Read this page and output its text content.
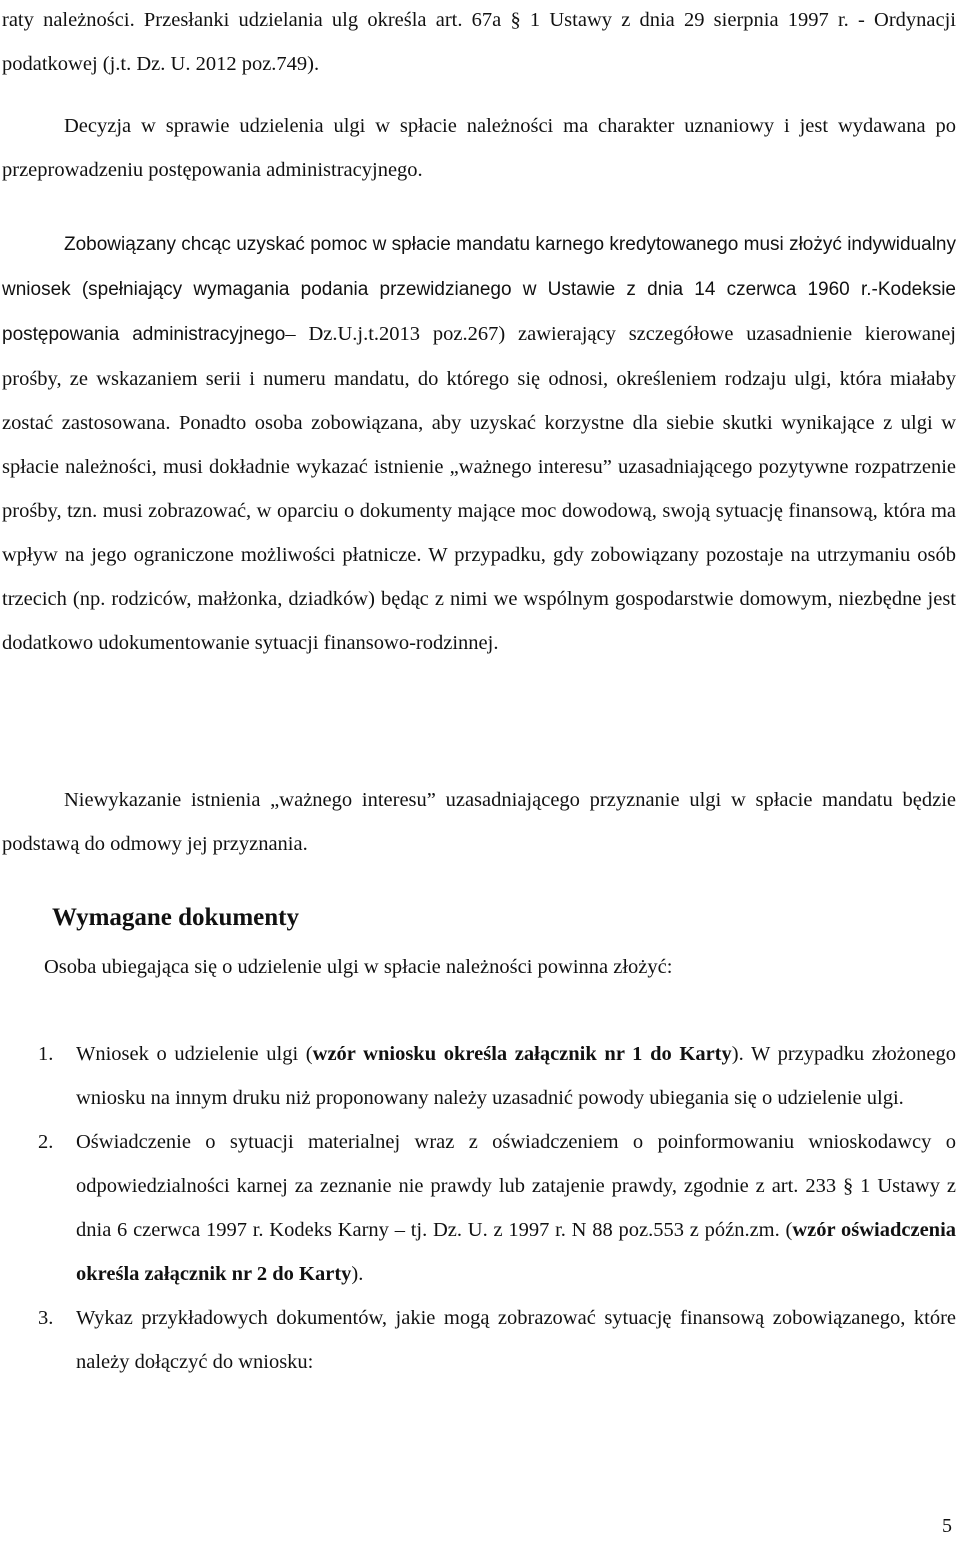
raty należności. Przesłanki udzielania ulg określa art. 67a § 1 Ustawy z dnia 29 sierpnia 1997 r. - Ordynacji podatkowej (j.t. Dz. U. 2012 poz.749).

Decyzja w sprawie udzielenia ulgi w spłacie należności ma charakter uznaniowy i jest wydawana po przeprowadzeniu postępowania administracyjnego.

Zobowiązany chcąc uzyskać pomoc w spłacie mandatu karnego kredytowanego musi złożyć indywidualny wniosek (spełniający wymagania podania przewidzianego w Ustawie z dnia 14 czerwca 1960 r.-Kodeksie postępowania administracyjnego– Dz.U.j.t.2013 poz.267) zawierający szczegółowe uzasadnienie kierowanej prośby, ze wskazaniem serii i numeru mandatu, do którego się odnosi, określeniem rodzaju ulgi, która miałaby zostać zastosowana. Ponadto osoba zobowiązana, aby uzyskać korzystne dla siebie skutki wynikające z ulgi w spłacie należności, musi dokładnie wykazać istnienie „ważnego interesu” uzasadniającego pozytywne rozpatrzenie prośby, tzn. musi zobrazować, w oparciu o dokumenty mające moc dowodową, swoją sytuację finansową, która ma wpływ na jego ograniczone możliwości płatnicze. W przypadku, gdy zobowiązany pozostaje na utrzymaniu osób trzecich (np. rodziców, małżonka, dziadków) będąc z nimi we wspólnym gospodarstwie domowym, niezbędne jest dodatkowo udokumentowanie sytuacji finansowo-rodzinnej.

Niewykazanie istnienia „ważnego interesu” uzasadniającego przyznanie ulgi w spłacie mandatu będzie podstawą do odmowy jej przyznania.

Wymagane dokumenty

Osoba ubiegająca się o udzielenie ulgi w spłacie należności powinna złożyć:

1. Wniosek o udzielenie ulgi (wzór wniosku określa załącznik nr 1 do Karty). W przypadku złożonego wniosku na innym druku niż proponowany należy uzasadnić powody ubiegania się o udzielenie ulgi.
2. Oświadczenie o sytuacji materialnej wraz z oświadczeniem o poinformowaniu wnioskodawcy o odpowiedzialności karnej za zeznanie nie prawdy lub zatajenie prawdy, zgodnie z art. 233 § 1 Ustawy z dnia 6 czerwca 1997 r. Kodeks Karny – tj. Dz. U. z 1997 r. N 88 poz.553 z późn.zm. (wzór oświadczenia określa załącznik nr 2 do Karty).
3. Wykaz przykładowych dokumentów, jakie mogą zobrazować sytuację finansową zobowiązanego, które należy dołączyć do wniosku:
5
